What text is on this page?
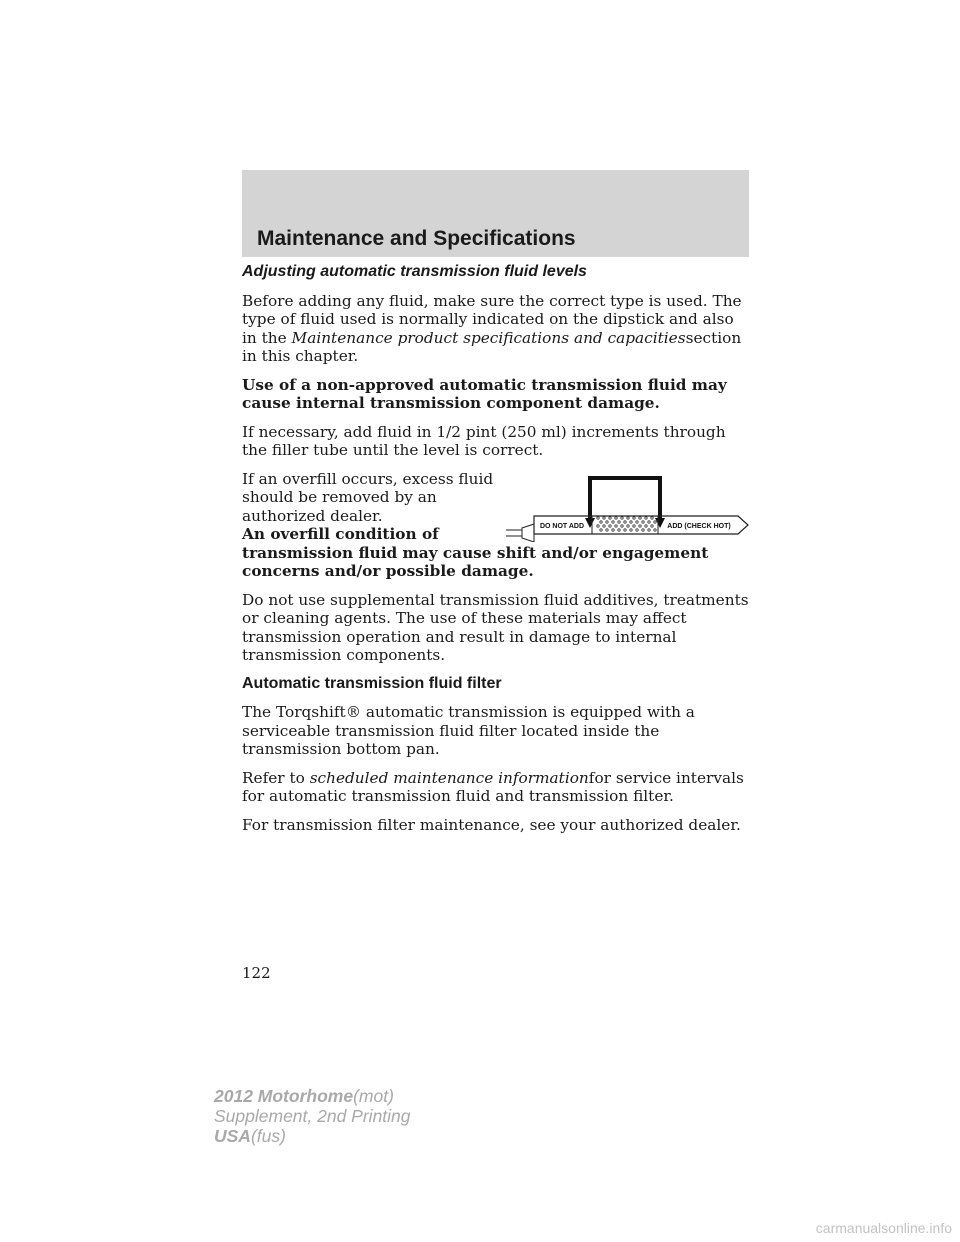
Maintenance and Specifications
Adjusting automatic transmission fluid levels

Before adding any fluid, make sure the correct type is used. The type of fluid used is normally indicated on the dipstick and also in the Maintenance product specifications and capacitiessection in this chapter.

Use of a non-approved automatic transmission fluid may cause internal transmission component damage.

If necessary, add fluid in 1/2 pint (250 ml) increments through the filler tube until the level is correct.

If an overfill occurs, excess fluid should be removed by an authorized dealer.

An overfill condition of	DO NOT ADD	ADD (CHECK HOT)

transmission fluid may cause shift and/or engagement concerns and/or possible damage.

Do not use supplemental transmission fluid additives, treatments or cleaning agents. The use of these materials may affect transmission operation and result in damage to internal transmission components.

Automatic transmission fluid filter

The Torqshift® automatic transmission is equipped with a serviceable transmission fluid filter located inside the transmission bottom pan.

Refer to scheduled maintenance informationfor service intervals for automatic transmission fluid and transmission filter.

For transmission filter maintenance, see your authorized dealer.

122
2012 Motorhome(mot)
Supplement, 2nd Printing
USA(fus)
carmanualsonline.info
